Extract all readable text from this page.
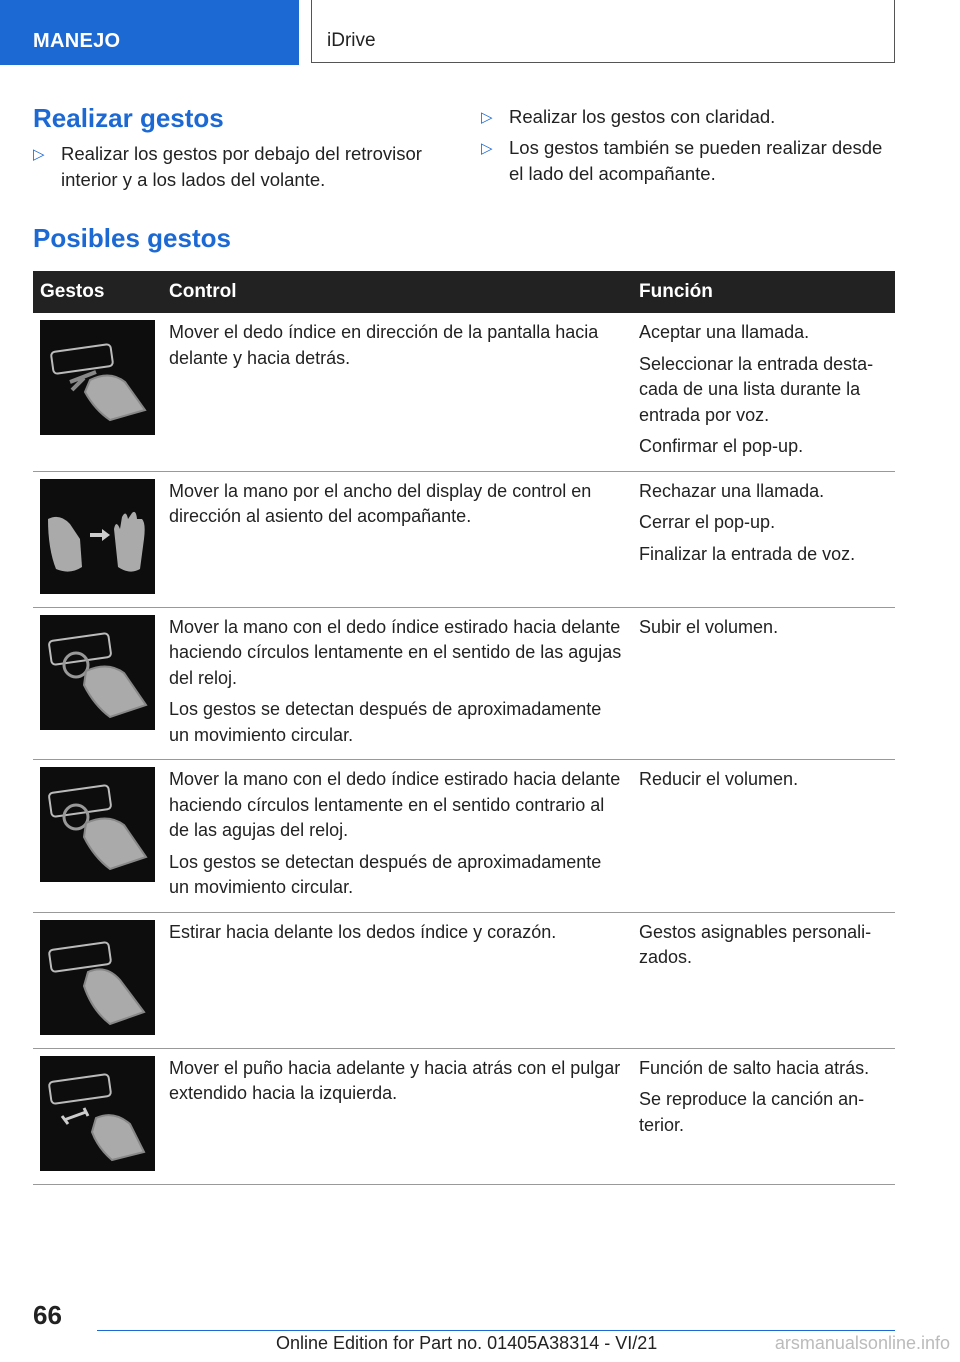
MANEJO	iDrive
Realizar gestos
▷ Realizar los gestos por debajo del retrovisor interior y a los lados del volante.
▷ Realizar los gestos con claridad.
▷ Los gestos también se pueden realizar desde el lado del acompañante.
Posibles gestos
Gestos	Control	Función

Mover el dedo índice en dirección de la pantalla hacia delante y hacia detrás.	Aceptar una llamada.

Seleccionar la entrada destacada de una lista durante la entrada por voz.

Confirmar el pop-up.

Mover la mano por el ancho del display de control en dirección al asiento del acompañante.	Rechazar una llamada.

Cerrar el pop-up.

Finalizar la entrada de voz.

Mover la mano con el dedo índice estirado hacia delante haciendo círculos lentamente en el sentido de las agujas del reloj.

Los gestos se detectan después de aproximadamente un movimiento circular.	Subir el volumen.

Mover la mano con el dedo índice estirado hacia delante haciendo círculos lentamente en el sentido contrario al de las agujas del reloj.

Los gestos se detectan después de aproximadamente un movimiento circular.	Reducir el volumen.

Estirar hacia delante los dedos índice y corazón.	Gestos asignables personalizados.

Mover el puño hacia adelante y hacia atrás con el pulgar extendido hacia la izquierda.	Función de salto hacia atrás.

Se reproduce la canción anterior.

66
Online Edition for Part no. 01405A38314 - VI/21	arsmanualsonline.info
